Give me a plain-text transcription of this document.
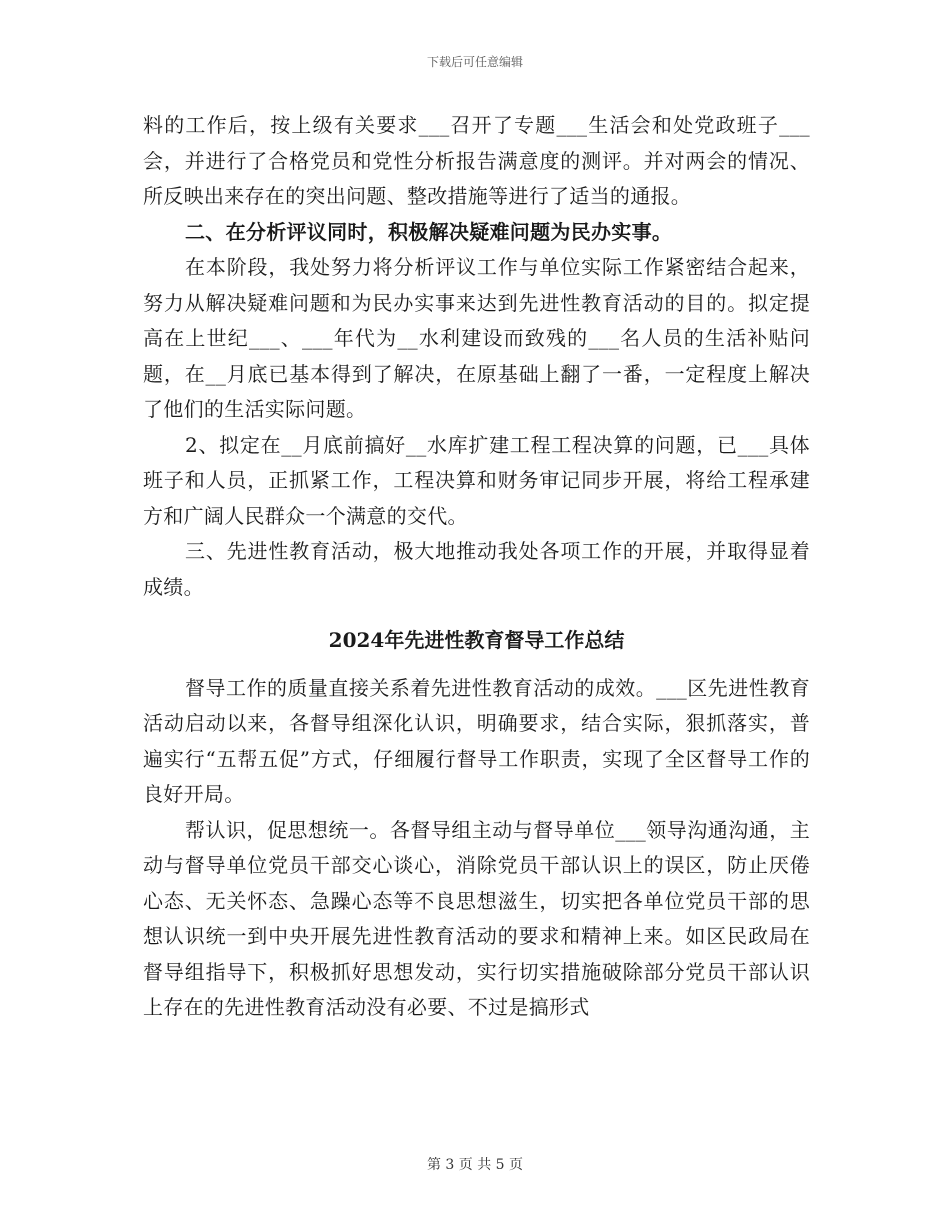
下载后可任意编辑

料的工作后，按上级有关要求___召开了专题___生活会和处党政班子___会，并进行了合格党员和党性分析报告满意度的测评。并对两会的情况、所反映出来存在的突出问题、整改措施等进行了适当的通报。

二、在分析评议同时，积极解决疑难问题为民办实事。

在本阶段，我处努力将分析评议工作与单位实际工作紧密结合起来，努力从解决疑难问题和为民办实事来达到先进性教育活动的目的。拟定提高在上世纪___、___年代为__水利建设而致残的___名人员的生活补贴问题，在__月底已基本得到了解决，在原基础上翻了一番，一定程度上解决了他们的生活实际问题。

2、拟定在__月底前搞好__水库扩建工程工程决算的问题，已___具体班子和人员，正抓紧工作，工程决算和财务审记同步开展，将给工程承建方和广阔人民群众一个满意的交代。

三、先进性教育活动，极大地推动我处各项工作的开展，并取得显着成绩。

2024年先进性教育督导工作总结

督导工作的质量直接关系着先进性教育活动的成效。___区先进性教育活动启动以来，各督导组深化认识，明确要求，结合实际，狠抓落实，普遍实行“五帮五促”方式，仔细履行督导工作职责，实现了全区督导工作的良好开局。

帮认识，促思想统一。各督导组主动与督导单位___领导沟通沟通，主动与督导单位党员干部交心谈心，消除党员干部认识上的误区，防止厌倦心态、无关怀态、急躁心态等不良思想滋生，切实把各单位党员干部的思想认识统一到中央开展先进性教育活动的要求和精神上来。如区民政局在督导组指导下，积极抓好思想发动，实行切实措施破除部分党员干部认识上存在的先进性教育活动没有必要、不过是搞形式

第 3 页 共 5 页
